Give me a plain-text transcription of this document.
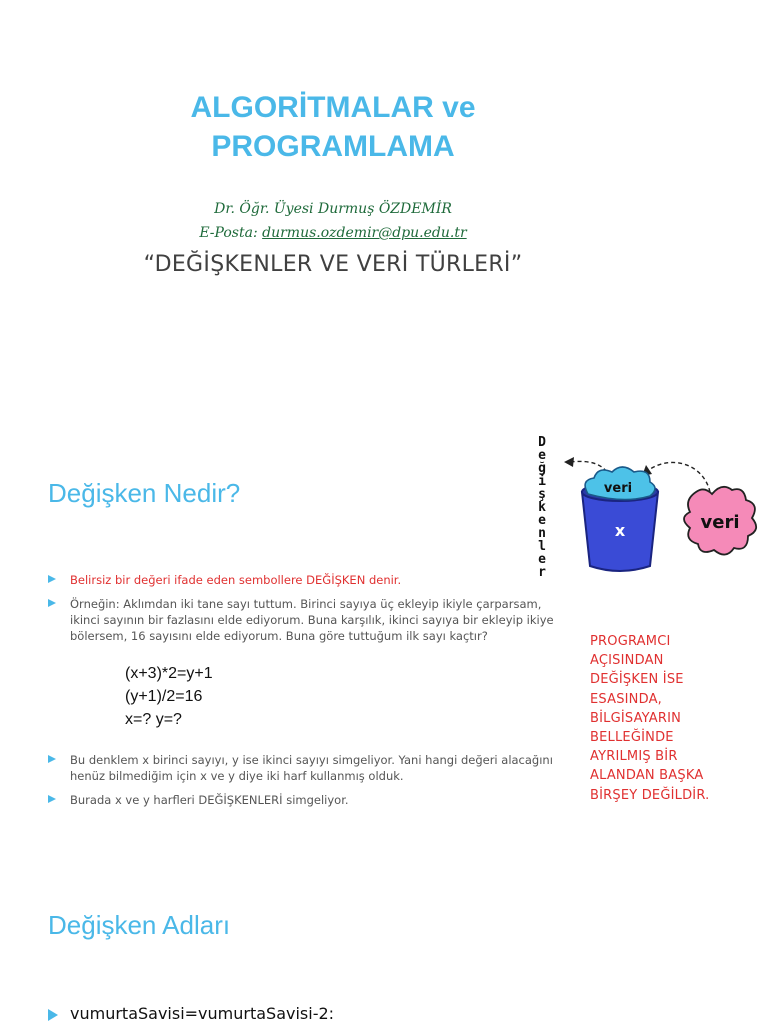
ALGORİTMALAR ve
PROGRAMLAMA
Dr. Öğr. Üyesi Durmuş ÖZDEMİR
E-Posta: durmus.ozdemir@dpu.edu.tr
“DEĞİŞKENLER VE VERİ TÜRLERİ”
Değişken Nedir?
D
e
ğ
i
ş
k
e
n
l
e
r
veri
x	veri
Belirsiz bir değeri ifade eden sembollere DEĞİŞKEN denir.
Örneğin: Aklımdan iki tane sayı tuttum. Birinci sayıya üç ekleyip ikiyle çarparsam, ikinci sayının bir fazlasını elde ediyorum. Buna karşılık, ikinci sayıya bir ekleyip ikiye bölersem, 16 sayısını elde ediyorum. Buna göre tuttuğum ilk sayı kaçtır?
(x+3)*2=y+1
(y+1)/2=16
x=? y=?
Bu denklem x birinci sayıyı, y ise ikinci sayıyı simgeliyor. Yani hangi değeri alacağını henüz bilmediğim için x ve y diye iki harf kullanmış olduk.
Burada x ve y harfleri DEĞİŞKENLERİ simgeliyor.
PROGRAMCI
AÇISINDAN
DEĞİŞKEN İSE
ESASINDA,
BİLGİSAYARIN
BELLEĞİNDE
AYRILMIŞ BİR
ALANDAN BAŞKA
BİRŞEY DEĞİLDİR.
Değişken Adları
vumurtaSavisi=vumurtaSavisi-2:
